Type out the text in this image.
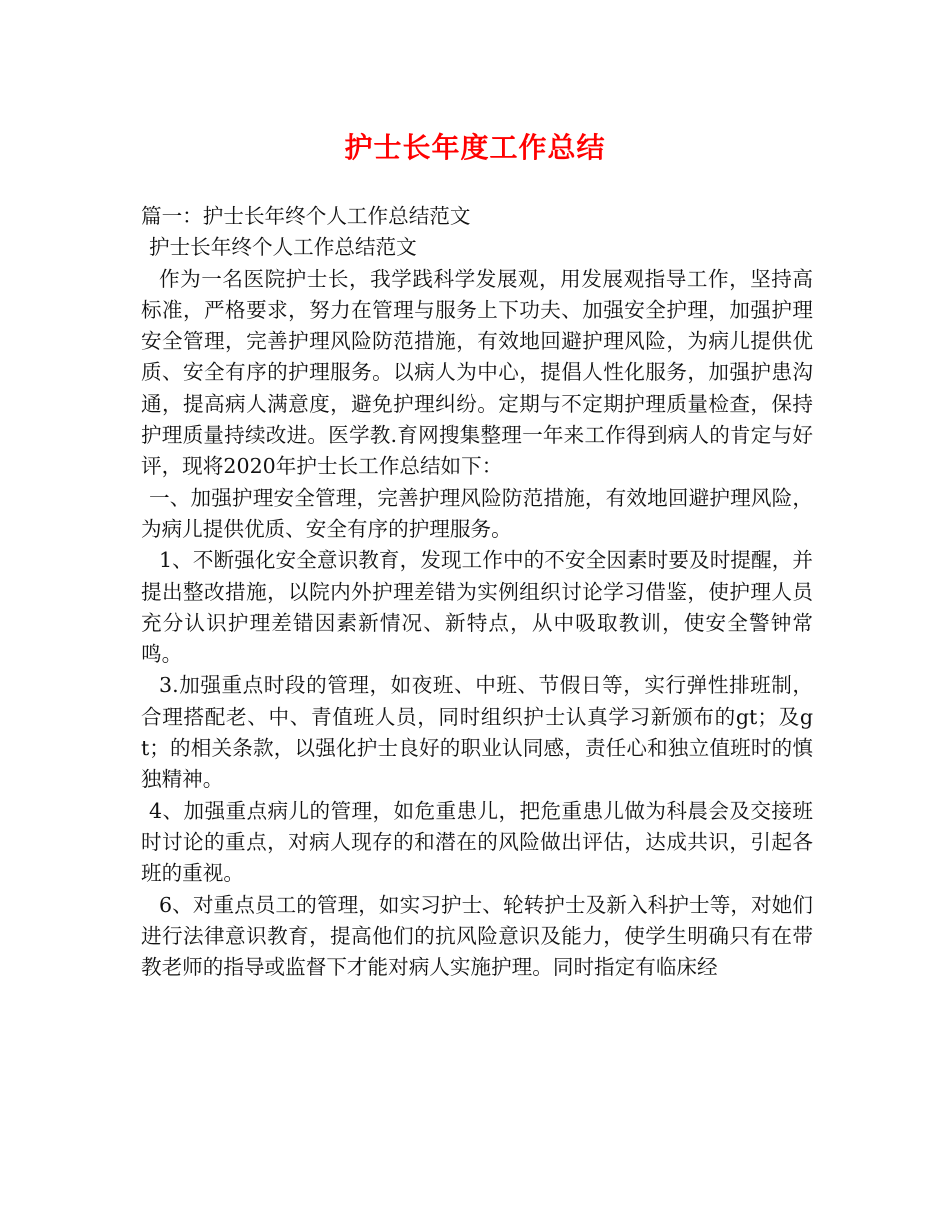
护士长年度工作总结

篇一：护士长年终个人工作总结范文

护士长年终个人工作总结范文

作为一名医院护士长，我学践科学发展观，用发展观指导工作，坚持高标准，严格要求，努力在管理与服务上下功夫、加强安全护理，加强护理安全管理，完善护理风险防范措施，有效地回避护理风险，为病儿提供优质、安全有序的护理服务。以病人为中心，提倡人性化服务，加强护患沟通，提高病人满意度，避免护理纠纷。定期与不定期护理质量检查，保持护理质量持续改进。医学教.育网搜集整理一年来工作得到病人的肯定与好评，现将2020年护士长工作总结如下：

一、加强护理安全管理，完善护理风险防范措施，有效地回避护理风险，为病儿提供优质、安全有序的护理服务。

1、不断强化安全意识教育，发现工作中的不安全因素时要及时提醒，并提出整改措施，以院内外护理差错为实例组织讨论学习借鉴，使护理人员充分认识护理差错因素新情况、新特点，从中吸取教训，使安全警钟常鸣。

3.加强重点时段的管理，如夜班、中班、节假日等，实行弹性排班制，合理搭配老、中、青值班人员，同时组织护士认真学习新颁布的gt；及gt；的相关条款，以强化护士良好的职业认同感，责任心和独立值班时的慎独精神。

4、加强重点病儿的管理，如危重患儿，把危重患儿做为科晨会及交接班时讨论的重点，对病人现存的和潜在的风险做出评估，达成共识，引起各班的重视。

6、对重点员工的管理，如实习护士、轮转护士及新入科护士等，对她们进行法律意识教育，提高他们的抗风险意识及能力，使学生明确只有在带教老师的指导或监督下才能对病人实施护理。同时指定有临床经
